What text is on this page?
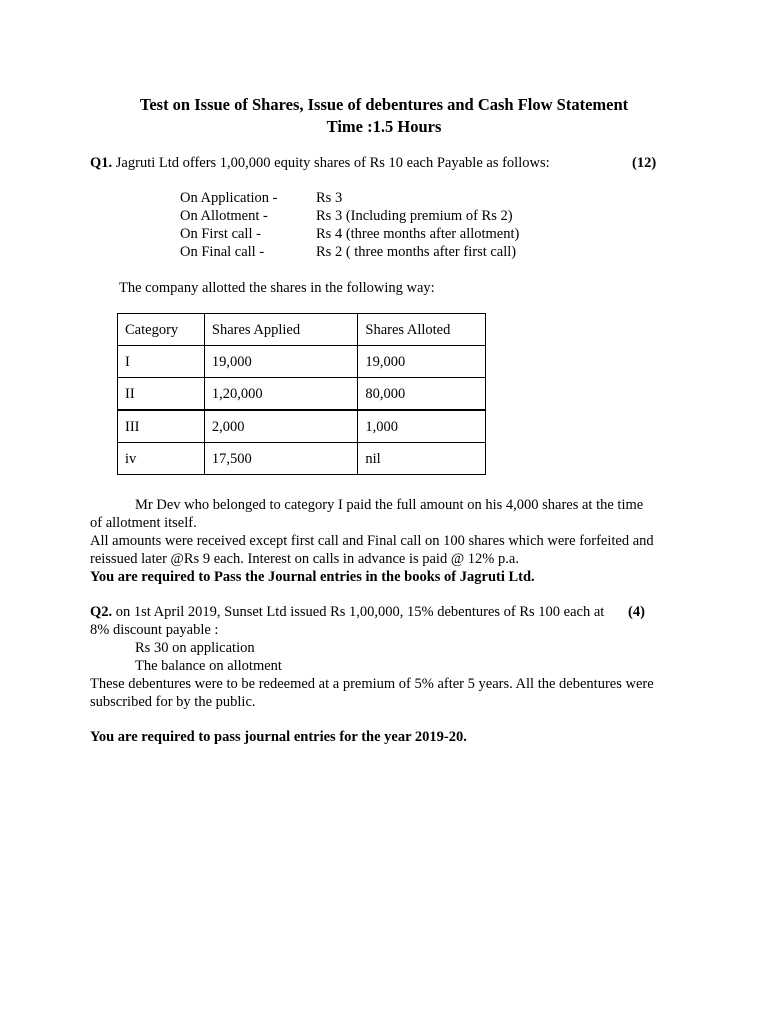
Test on Issue of Shares, Issue of debentures and Cash Flow Statement
Time :1.5 Hours
Q1. Jagruti Ltd offers 1,00,000 equity shares of Rs 10 each Payable as follows:	(12)
On Application -	Rs 3
On Allotment -	Rs 3 (Including premium of Rs 2)
On First call -	Rs 4 (three months after allotment)
On Final call -	Rs 2 ( three months after first call)
The company allotted the shares in the following way:
Category	Shares Applied	Shares Alloted
I	19,000	19,000
II	1,20,000	80,000
III	2,000	1,000
iv	17,500	nil
Mr Dev who belonged to category I paid the full amount on his 4,000 shares at the time
of allotment itself.
All amounts were received except first call and Final call on 100 shares which were forfeited and
reissued later @Rs 9 each. Interest on calls in advance is paid @ 12% p.a.
You are required to Pass the Journal entries in the books of Jagruti Ltd.
Q2. on 1st April 2019, Sunset Ltd issued Rs 1,00,000, 15% debentures of Rs 100 each at	(4)
8% discount payable :
Rs 30 on application
The balance on allotment
These debentures were to be redeemed at a premium of 5% after 5 years. All the debentures were
subscribed for by the public.
You are required to pass journal entries for the year 2019-20.
